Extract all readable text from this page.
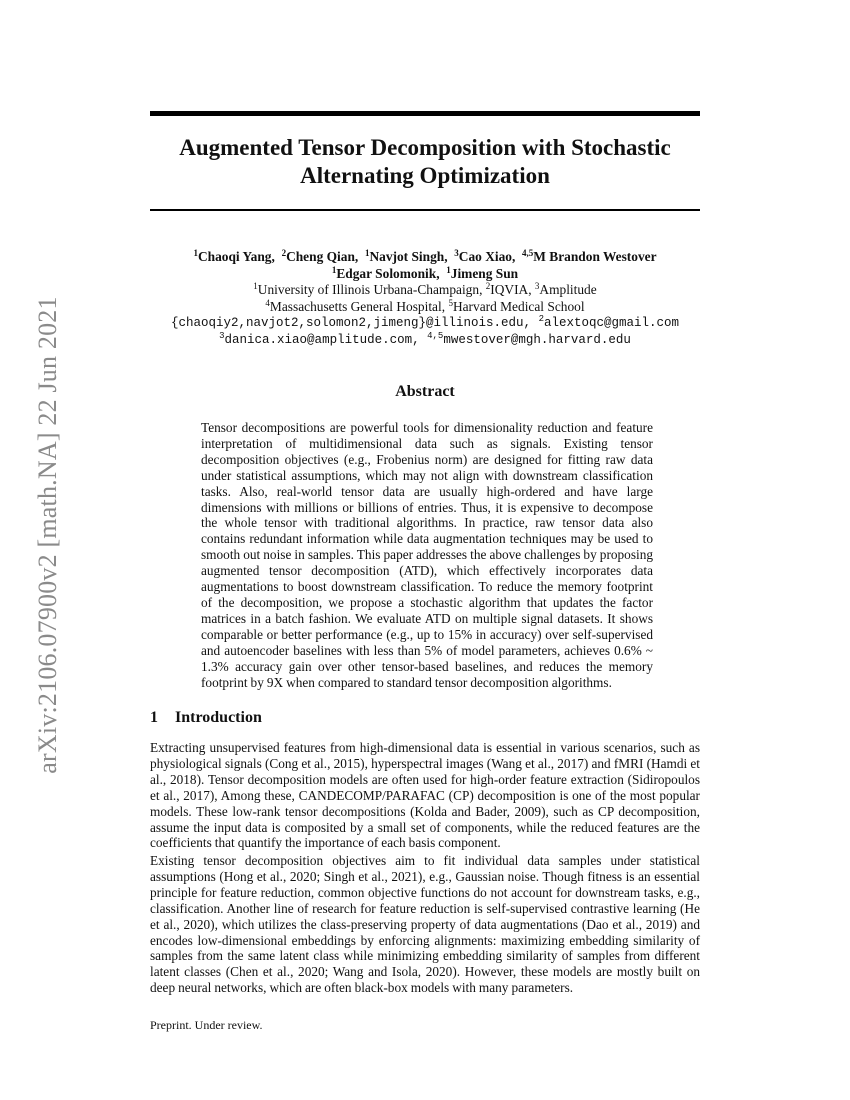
arXiv:2106.07900v2 [math.NA] 22 Jun 2021
Augmented Tensor Decomposition with Stochastic
Alternating Optimization
$^1$Chaoqi Yang, $^2$Cheng Qian, $^1$Navjot Singh, $^3$Cao Xiao, $^{4,5}$M Brandon Westover
$^1$Edgar Solomonik, $^1$Jimeng Sun
$^1$University of Illinois Urbana-Champaign, $^2$IQVIA, $^3$Amplitude
$^4$Massachusetts General Hospital, $^5$Harvard Medical School
{chaoqiy2,navjot2,solomon2,jimeng}@illinois.edu, $^2$alextoqc@gmail.com
$^3$danica.xiao@amplitude.com, $^{4,5}$mwestover@mgh.harvard.edu
Abstract
Tensor decompositions are powerful tools for dimensionality reduction and feature interpretation of multidimensional data such as signals. Existing tensor decomposition objectives (e.g., Frobenius norm) are designed for fitting raw data under statistical assumptions, which may not align with downstream classification tasks. Also, real-world tensor data are usually high-ordered and have large dimensions with millions or billions of entries. Thus, it is expensive to decompose the whole tensor with traditional algorithms. In practice, raw tensor data also contains redundant information while data augmentation techniques may be used to smooth out noise in samples. This paper addresses the above challenges by proposing augmented tensor decomposition (ATD), which effectively incorporates data augmentations to boost downstream classification. To reduce the memory footprint of the decomposition, we propose a stochastic algorithm that updates the factor matrices in a batch fashion. We evaluate ATD on multiple signal datasets. It shows comparable or better performance (e.g., up to 15% in accuracy) over self-supervised and autoencoder baselines with less than 5% of model parameters, achieves 0.6% ~ 1.3% accuracy gain over other tensor-based baselines, and reduces the memory footprint by 9X when compared to standard tensor decomposition algorithms.
1 Introduction

Extracting unsupervised features from high-dimensional data is essential in various scenarios, such as physiological signals (Cong et al., 2015), hyperspectral images (Wang et al., 2017) and fMRI (Hamdi et al., 2018). Tensor decomposition models are often used for high-order feature extraction (Sidiropoulos et al., 2017), Among these, CANDECOMP/PARAFAC (CP) decomposition is one of the most popular models. These low-rank tensor decompositions (Kolda and Bader, 2009), such as CP decomposition, assume the input data is composited by a small set of components, while the reduced features are the coefficients that quantify the importance of each basis component.

Existing tensor decomposition objectives aim to fit individual data samples under statistical assumptions (Hong et al., 2020; Singh et al., 2021), e.g., Gaussian noise. Though fitness is an essential principle for feature reduction, common objective functions do not account for downstream tasks, e.g., classification. Another line of research for feature reduction is self-supervised contrastive learning (He et al., 2020), which utilizes the class-preserving property of data augmentations (Dao et al., 2019) and encodes low-dimensional embeddings by enforcing alignments: maximizing embedding similarity of samples from the same latent class while minimizing embedding similarity of samples from different latent classes (Chen et al., 2020; Wang and Isola, 2020). However, these models are mostly built on deep neural networks, which are often black-box models with many parameters.

Preprint. Under review.
